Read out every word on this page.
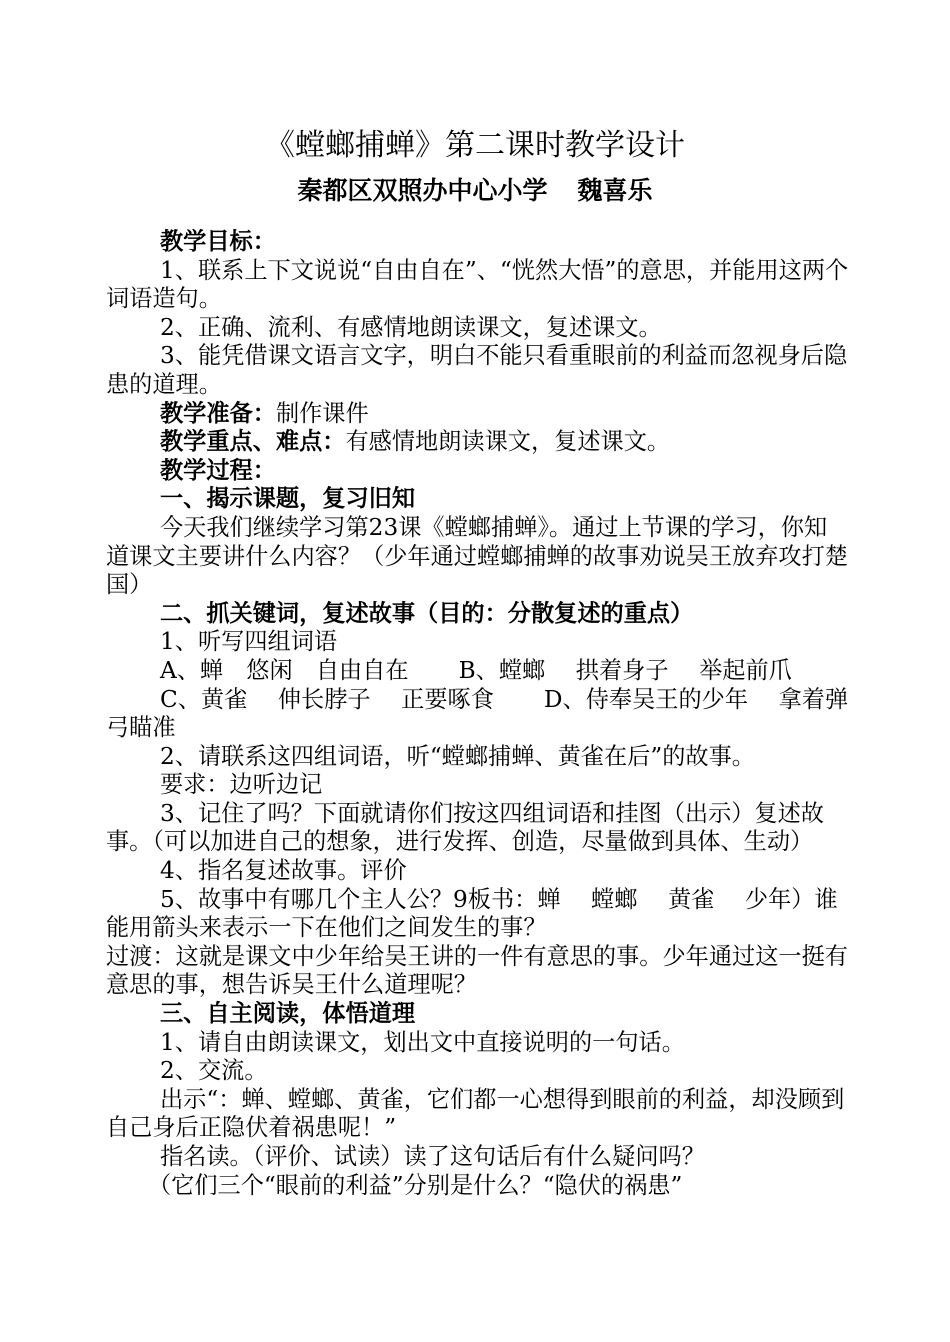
《螳螂捕蝉》第二课时教学设计
秦都区双照办中心小学 魏喜乐

教学目标：

1、联系上下文说说“自由自在”、“恍然大悟”的意思，并能用这两个词语造句。

2、正确、流利、有感情地朗读课文，复述课文。

3、能凭借课文语言文字，明白不能只看重眼前的利益而忽视身后隐患的道理。

教学准备：制作课件

教学重点、难点：有感情地朗读课文，复述课文。

教学过程：

一、揭示课题，复习旧知

今天我们继续学习第23课《螳螂捕蝉》。通过上节课的学习，你知道课文主要讲什么内容？（少年通过螳螂捕蝉的故事劝说吴王放弃攻打楚国）

二、抓关键词，复述故事（目的：分散复述的重点）

1、听写四组词语

A、蝉　悠闲　自由自在 B、螳螂　 拱着身子　 举起前爪

C、黄雀　 伸长脖子　 正要啄食 D、侍奉吴王的少年　 拿着弹弓瞄准

2、请联系这四组词语，听“螳螂捕蝉、黄雀在后”的故事。

要求：边听边记

3、记住了吗？下面就请你们按这四组词语和挂图（出示）复述故事。（可以加进自己的想象，进行发挥、创造，尽量做到具体、生动）

4、指名复述故事。评价

5、故事中有哪几个主人公？9板书：蝉　 螳螂　 黄雀　 少年）谁能用箭头来表示一下在他们之间发生的事？

过渡：这就是课文中少年给吴王讲的一件有意思的事。少年通过这一挺有意思的事，想告诉吴王什么道理呢？

三、自主阅读，体悟道理

1、请自由朗读课文，划出文中直接说明的一句话。

2、交流。

出示“：蝉、螳螂、黄雀，它们都一心想得到眼前的利益，却没顾到自己身后正隐伏着祸患呢！”

指名读。（评价、试读）读了这句话后有什么疑问吗？

（它们三个“眼前的利益”分别是什么？“隐伏的祸患”
